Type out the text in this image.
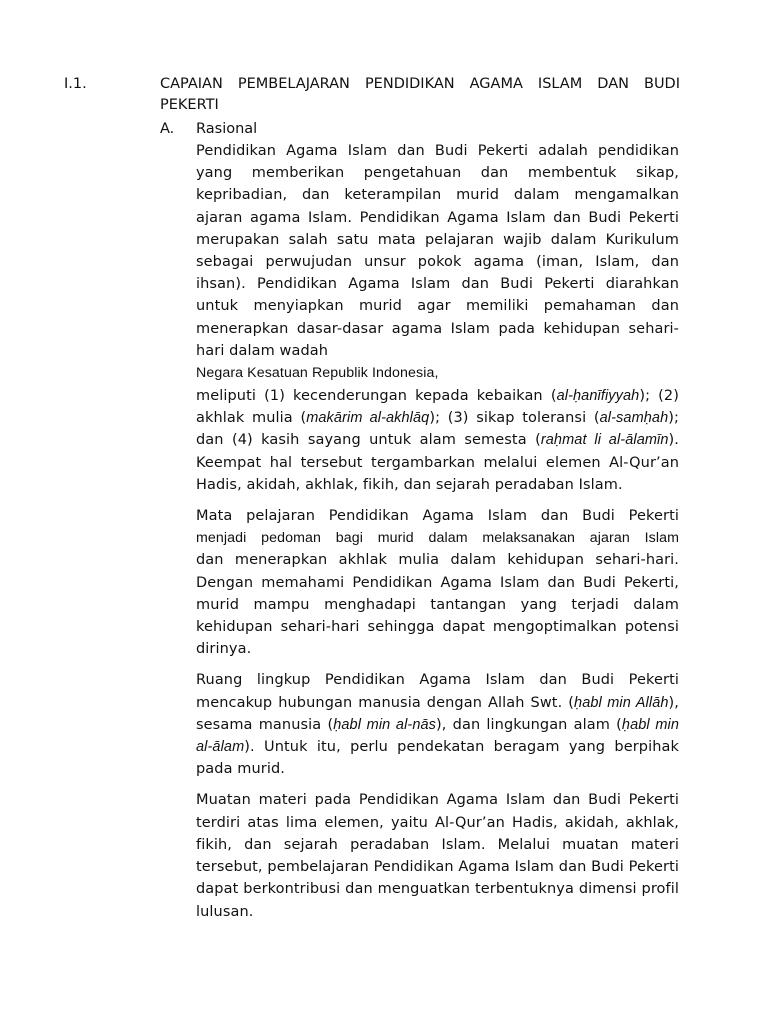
I.1.	CAPAIAN PEMBELAJARAN PENDIDIKAN AGAMA ISLAM DAN BUDI
PEKERTI
A. Rasional

Pendidikan Agama Islam dan Budi Pekerti adalah pendidikan yang memberikan pengetahuan dan membentuk sikap, kepribadian, dan keterampilan murid dalam mengamalkan ajaran agama Islam. Pendidikan Agama Islam dan Budi Pekerti merupakan salah satu mata pelajaran wajib dalam Kurikulum sebagai perwujudan unsur pokok agama (iman, Islam, dan ihsan). Pendidikan Agama Islam dan Budi Pekerti diarahkan untuk menyiapkan murid agar memiliki pemahaman dan menerapkan dasar-dasar agama Islam pada kehidupan sehari-hari dalam wadah

Negara Kesatuan Republik Indonesia,

meliputi (1) kecenderungan kepada kebaikan (al-ḥanīfiyyah); (2) akhlak mulia (makārim al-akhlāq); (3) sikap toleransi (al-samḥah); dan (4) kasih sayang untuk alam semesta (raḥmat li al-ālamīn). Keempat hal tersebut tergambarkan melalui elemen Al-Qur’an Hadis, akidah, akhlak, fikih, dan sejarah peradaban Islam.

Mata pelajaran Pendidikan Agama Islam dan Budi Pekerti
menjadi pedoman bagi murid dalam melaksanakan ajaran Islam
dan menerapkan akhlak mulia dalam kehidupan sehari-hari. Dengan memahami Pendidikan Agama Islam dan Budi Pekerti, murid mampu menghadapi tantangan yang terjadi dalam kehidupan sehari-hari sehingga dapat mengoptimalkan potensi dirinya.

Ruang lingkup Pendidikan Agama Islam dan Budi Pekerti mencakup hubungan manusia dengan Allah Swt. (ḥabl min Allāh), sesama manusia (ḥabl min al-nās), dan lingkungan alam (ḥabl min al-ālam). Untuk itu, perlu pendekatan beragam yang berpihak pada murid.

Muatan materi pada Pendidikan Agama Islam dan Budi Pekerti terdiri atas lima elemen, yaitu Al-Qur’an Hadis, akidah, akhlak, fikih, dan sejarah peradaban Islam. Melalui muatan materi tersebut, pembelajaran Pendidikan Agama Islam dan Budi Pekerti dapat berkontribusi dan menguatkan terbentuknya dimensi profil lulusan.
